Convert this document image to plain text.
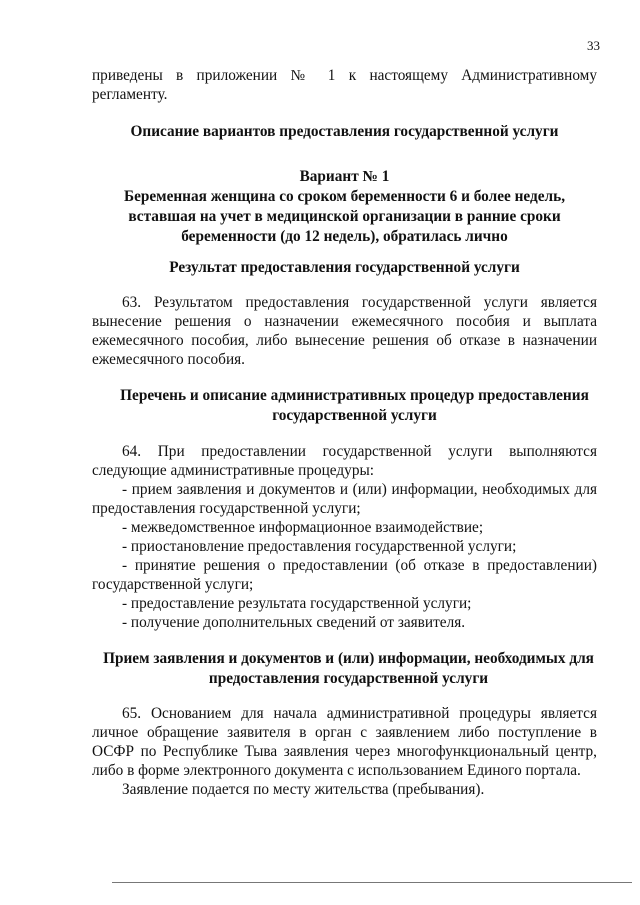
33

приведены в приложении № 1 к настоящему Административному регламенту.

Описание вариантов предоставления государственной услуги

Вариант № 1

Беременная женщина со сроком беременности 6 и более недель, вставшая на учет в медицинской организации в ранние сроки беременности (до 12 недель), обратилась лично

Результат предоставления государственной услуги

63. Результатом предоставления государственной услуги является вынесение решения о назначении ежемесячного пособия и выплата ежемесячного пособия, либо вынесение решения об отказе в назначении ежемесячного пособия.

Перечень и описание административных процедур предоставления государственной услуги

64. При предоставлении государственной услуги выполняются следующие административные процедуры:

- прием заявления и документов и (или) информации, необходимых для предоставления государственной услуги;

- межведомственное информационное взаимодействие;

- приостановление предоставления государственной услуги;

- принятие решения о предоставлении (об отказе в предоставлении) государственной услуги;

- предоставление результата государственной услуги;

- получение дополнительных сведений от заявителя.

Прием заявления и документов и (или) информации, необходимых для предоставления государственной услуги

65. Основанием для начала административной процедуры является личное обращение заявителя в орган с заявлением либо поступление в ОСФР по Республике Тыва заявления через многофункциональный центр, либо в форме электронного документа с использованием Единого портала.

Заявление подается по месту жительства (пребывания).
